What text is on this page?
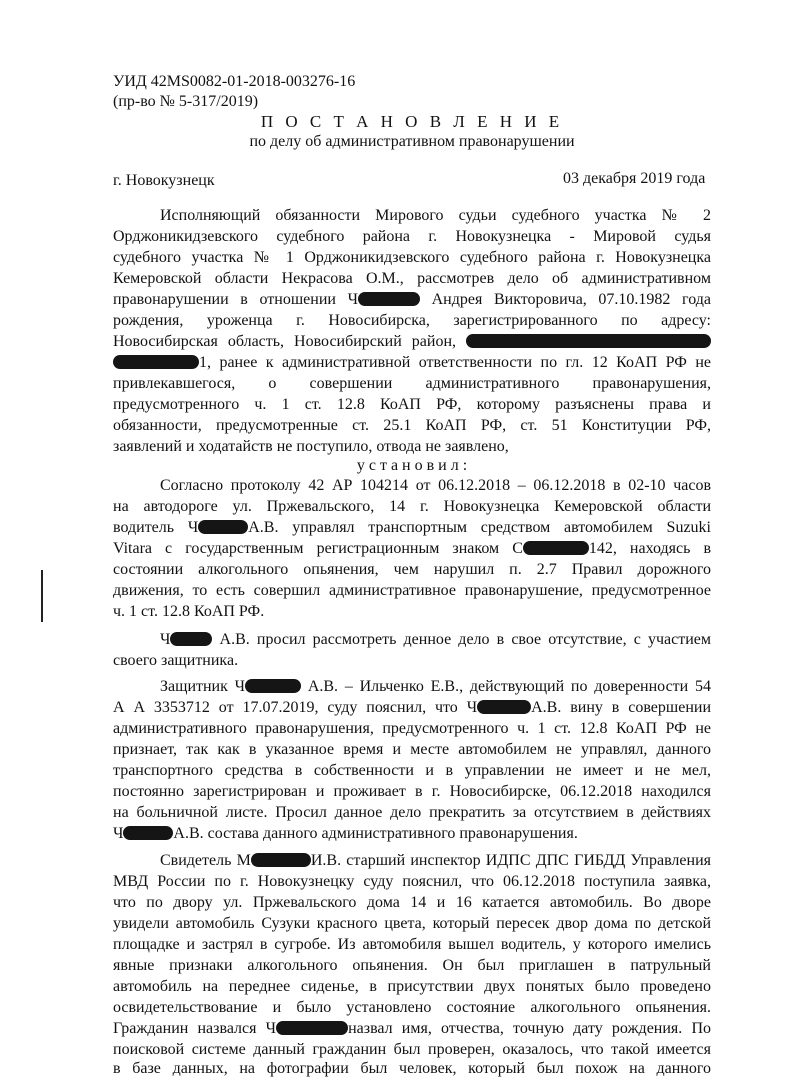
УИД 42MS0082-01-2018-003276-16
(пр-во № 5-317/2019)
П О С Т А Н О В Л Е Н И Е
по делу об административном правонарушении
г. Новокузнецк	03 декабря 2019 года
Исполняющий обязанности Мирового судьи судебного участка № 2
Орджоникидзевского судебного района г. Новокузнецка - Мировой судья
судебного участка № 1 Орджоникидзевского судебного района г. Новокузнецка
Кемеровской области Некрасова О.М., рассмотрев дело об административном
правонарушении в отношении Ч	Андрея Викторовича, 07.10.1982 года
рождения, уроженца г. Новосибирска, зарегистрированного по адресу:
Новосибирская область, Новосибирский район,
1, ранее к административной ответственности по гл. 12 КоАП РФ не
привлекавшегося, о совершении административного правонарушения,
предусмотренного ч. 1 ст. 12.8 КоАП РФ, которому разъяснены права и
обязанности, предусмотренные ст. 25.1 КоАП РФ, ст. 51 Конституции РФ,
заявлений и ходатайств не поступило, отвода не заявлено,
у с т а н о в и л :
Согласно протоколу 42 АР 104214 от 06.12.2018 – 06.12.2018 в 02-10 часов
на автодороге ул. Пржевальского, 14 г. Новокузнецка Кемеровской области
водитель Ч	А.В. управлял транспортным средством автомобилем Suzuki
Vitara с государственным регистрационным знаком С	142, находясь в
состоянии алкогольного опьянения, чем нарушил п. 2.7 Правил дорожного
движения, то есть совершил административное правонарушение, предусмотренное
ч. 1 ст. 12.8 КоАП РФ.
Ч	А.В. просил рассмотреть денное дело в свое отсутствие, с участием
своего защитника.
Защитник Ч	А.В. – Ильченко Е.В., действующий по доверенности 54
А А 3353712 от 17.07.2019, суду пояснил, что Ч	А.В. вину в совершении
административного правонарушения, предусмотренного ч. 1 ст. 12.8 КоАП РФ не
признает, так как в указанное время и месте автомобилем не управлял, данного
транспортного средства в собственности и в управлении не имеет и не мел,
постоянно зарегистрирован и проживает в г. Новосибирске, 06.12.2018 находился
на больничной листе. Просил данное дело прекратить за отсутствием в действиях
Ч	А.В. состава данного административного правонарушения.
Свидетель М	И.В. старший инспектор ИДПС ДПС ГИБДД Управления
МВД России по г. Новокузнецку суду пояснил, что 06.12.2018 поступила заявка,
что по двору ул. Пржевальского дома 14 и 16 катается автомобиль. Во дворе
увидели автомобиль Сузуки красного цвета, который пересек двор дома по детской
площадке и застрял в сугробе. Из автомобиля вышел водитель, у которого имелись
явные признаки алкогольного опьянения. Он был приглашен в патрульный
автомобиль на переднее сиденье, в присутствии двух понятых было проведено
освидетельствование и было установлено состояние алкогольного опьянения.
Гражданин назвался Ч	назвал имя, отчества, точную дату рождения. По
поисковой системе данный гражданин был проверен, оказалось, что такой имеется
в базе данных, на фотографии был человек, который был похож на данного
